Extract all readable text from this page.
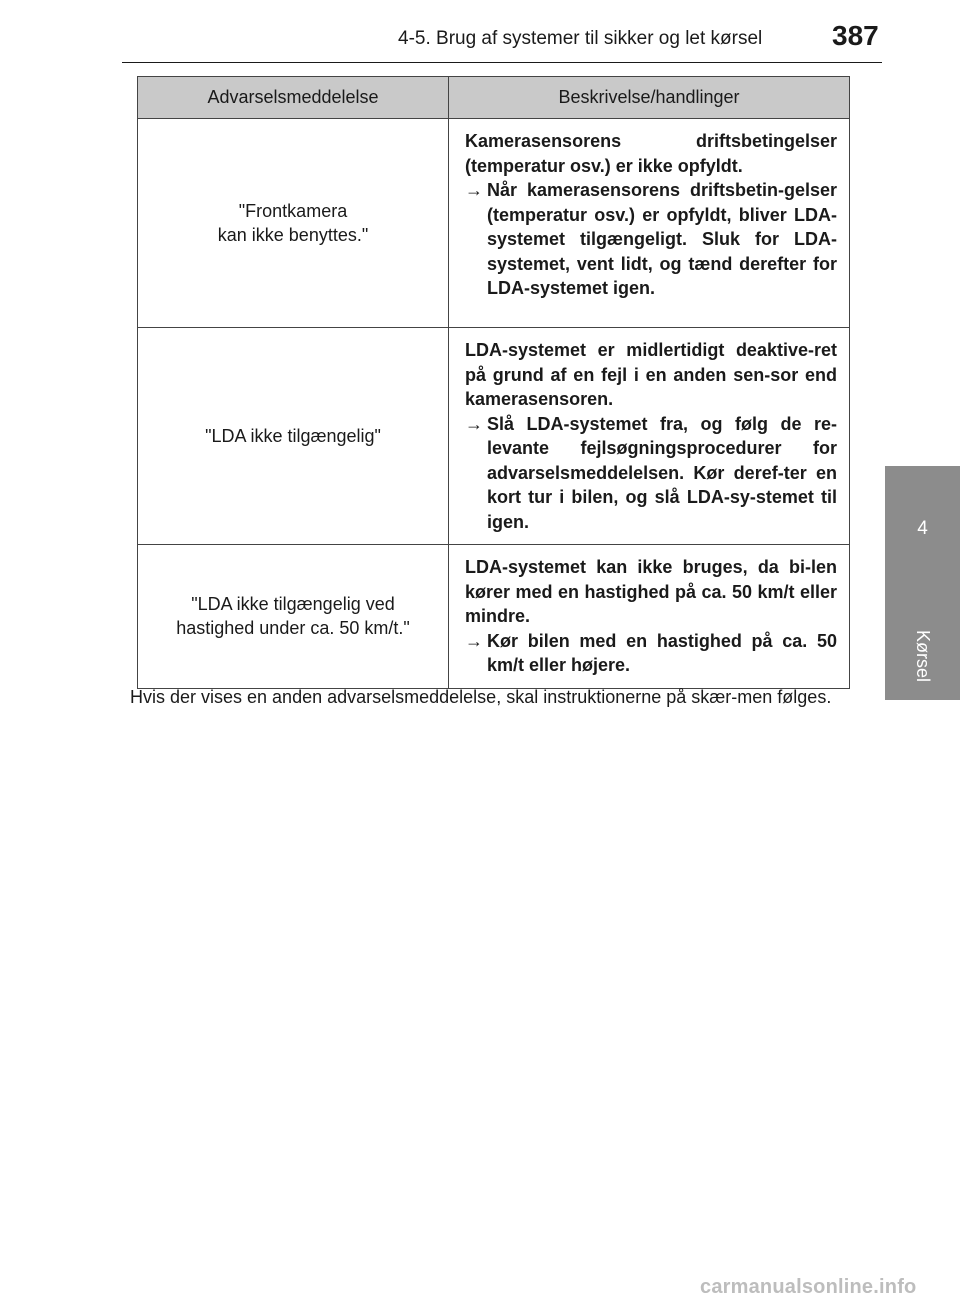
4-5. Brug af systemer til sikker og let kørsel 387
4
Kørsel
Advarselsmeddelelse	Beskrivelse/handlinger

"Frontkamera
kan ikke benyttes."	Kamerasensorens driftsbetingelser (temperatur osv.) er ikke opfyldt.
→ Når kamerasensorens driftsbetin-gelser (temperatur osv.) er opfyldt, bliver LDA-systemet tilgængeligt. Sluk for LDA-systemet, vent lidt, og tænd derefter for LDA-systemet igen.

"LDA ikke tilgængelig"	LDA-systemet er midlertidigt deaktive-ret på grund af en fejl i en anden sen-sor end kamerasensoren.
→ Slå LDA-systemet fra, og følg de re-levante fejlsøgningsprocedurer for advarselsmeddelelsen. Kør deref-ter en kort tur i bilen, og slå LDA-sy-stemet til igen.

"LDA ikke tilgængelig ved
hastighed under ca. 50 km/t."	LDA-systemet kan ikke bruges, da bi-len kører med en hastighed på ca. 50 km/t eller mindre.
→ Kør bilen med en hastighed på ca. 50 km/t eller højere.
Hvis der vises en anden advarselsmeddelelse, skal instruktionerne på skær-men følges.
carmanualsonline.info
